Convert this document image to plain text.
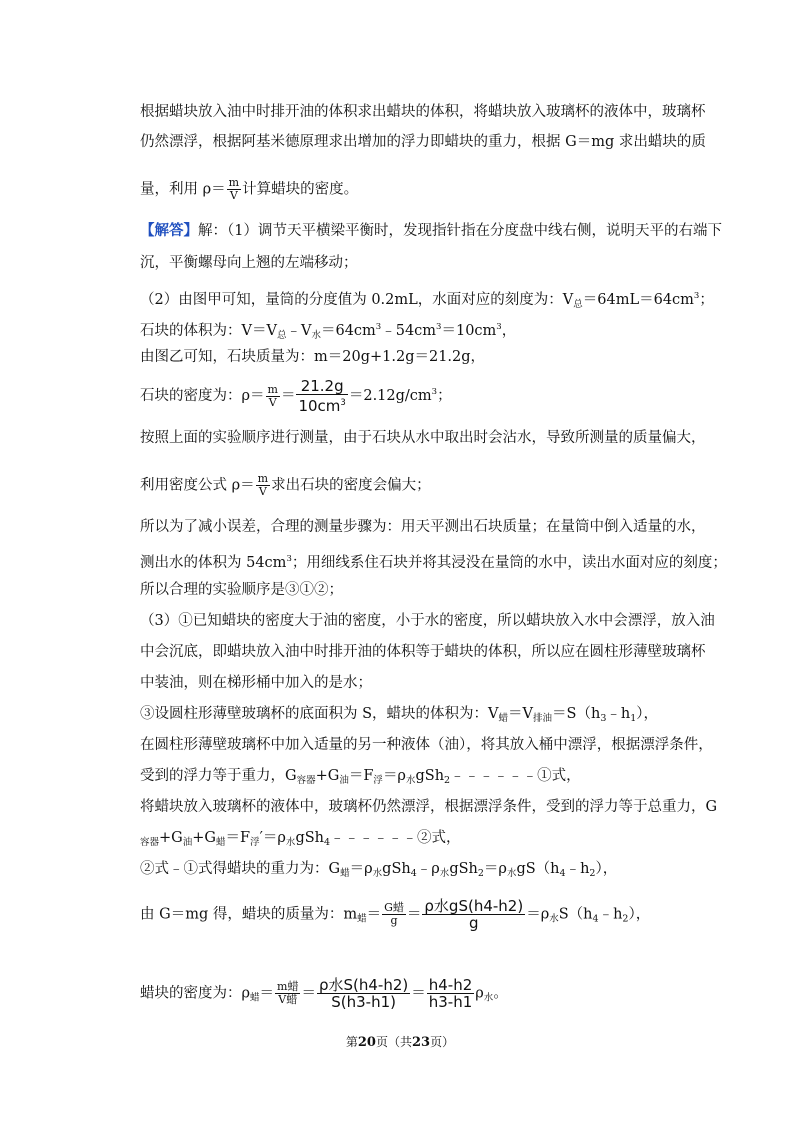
根据蜡块放入油中时排开油的体积求出蜡块的体积，将蜡块放入玻璃杯的液体中，玻璃杯
仍然漂浮，根据阿基米德原理求出增加的浮力即蜡块的重力，根据 G＝mg 求出蜡块的质
量，利用 $\rho= \frac{m}{V}$ 计算蜡块的密度。
【解答】解：（1）调节天平横梁平衡时，发现指针指在分度盘中线右侧，说明天平的右端下
沉，平衡螺母向上翘的左端移动；
（2）由图甲可知，量筒的分度值为 0.2mL，水面对应的刻度为：$V_总=64mL=64cm^3$；
石块的体积为：$V=V_总﹣V_水=64cm^3﹣54cm^3=10cm^3$，
由图乙可知，石块质量为：m＝20g+1.2g＝21.2g，
石块的密度为：$\rho= \frac{m}{V} = \frac{21.2g}{10cm^3} =2.12g/cm^3$；
按照上面的实验顺序进行测量，由于石块从水中取出时会沾水，导致所测量的质量偏大，
利用密度公式 $\rho= \frac{m}{V}$ 求出石块的密度会偏大；
所以为了减小误差，合理的测量步骤为：用天平测出石块质量；在量筒中倒入适量的水，
测出水的体积为 $54cm^3$；用细线系住石块并将其浸没在量筒的水中，读出水面对应的刻度；
所以合理的实验顺序是③①②；
（3）①已知蜡块的密度大于油的密度，小于水的密度，所以蜡块放入水中会漂浮，放入油
中会沉底，即蜡块放入油中时排开油的体积等于蜡块的体积，所以应在圆柱形薄壁玻璃杯
中装油，则在梯形桶中加入的是水；
③设圆柱形薄壁玻璃杯的底面积为 S，蜡块的体积为：$V_蜡=V_{排油}=S(h_3﹣h_1)$，
在圆柱形薄壁玻璃杯中加入适量的另一种液体（油），将其放入桶中漂浮，根据漂浮条件，
受到的浮力等于重力，$G_{容器}+G_油=F_浮=\rho_水gSh_2﹣﹣﹣﹣﹣﹣①$式，
将蜡块放入玻璃杯的液体中，玻璃杯仍然漂浮，根据漂浮条件，受到的浮力等于总重力，G
$_{容器}+G_油+G_蜡=F_浮'=\rho_水gSh_4﹣﹣﹣﹣﹣﹣②$式，
②式﹣①式得蜡块的重力为：$G_蜡=\rho_水gSh_4﹣\rho_水gSh_2=\rho_水gS(h_4﹣h_2)$，
由 G＝mg 得，蜡块的质量为：$m_蜡= \frac{\text{G蜡}}{g} = \frac{\text{ρ水gS(h4-h2)}}{g}$ $=\rho_水S(h_4﹣h_2)$，
蜡块的密度为：$\rho_蜡= \frac{\text{m蜡}}{\text{V蜡}} = \frac{\text{ρ水S(h4-h2)}}{S(h3-h1)} = \frac{h4-h2}{h3-h1} \rho_水$。
第20页（共23页）
